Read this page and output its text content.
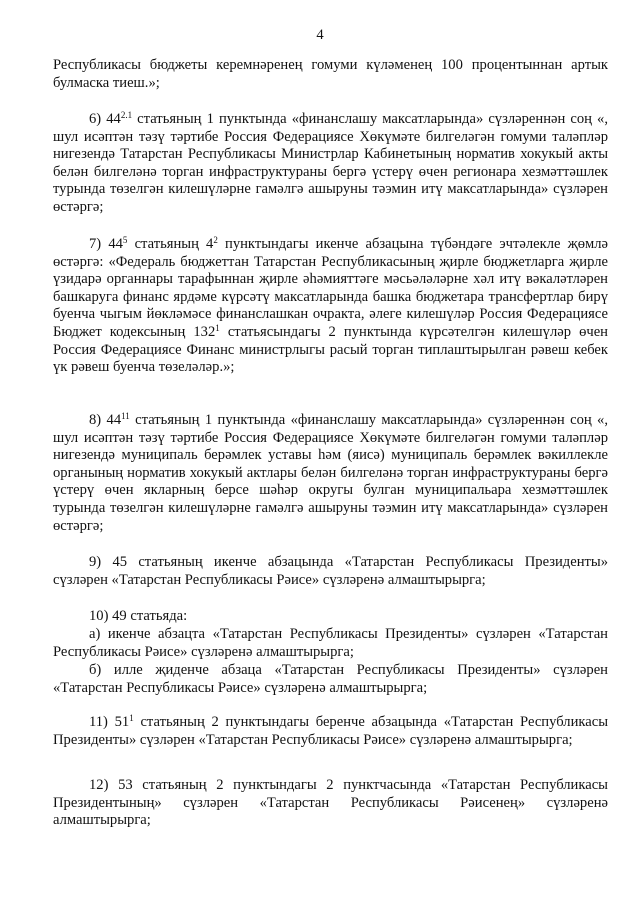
4
Республикасы бюджеты керемнәренең гомуми күләменең 100 процентыннан артык булмаска тиеш.»;
6) $44^{2.1}$ статьяның 1 пунктында «финанслашу максатларында» сүзләреннән соң «, шул исәптән тәзү тәртибе Россия Федерациясе Хөкүмәте билгеләгән гомуми таләпләр нигезендә Татарстан Республикасы Министрлар Кабинетының норматив хокукый акты белән билгеләнә торган инфраструктураны бергә үстерү өчен регионара хезмәттәшлек турында төзелгән килешүләрне гамәлгә ашыруны тәэмин итү максатларында» сүзләрен өстәргә;
7) $44^5$ статьяның $4^2$ пунктындагы икенче абзацына түбәндәге эчтәлекле җөмлә өстәргә: «Федераль бюджеттан Татарстан Республикасының җирле бюджетларга җирле үзидарә органнары тарафыннан җирле әһәмияттәге мәсьәләләрне хәл итү вәкаләтләрен башкаруга финанс ярдәме күрсәтү максатларында башка бюджетара трансфертлар бирү буенча чыгым йөкләмәсе финанслашкан очракта, әлеге килешүләр Россия Федерациясе Бюджет кодексының $132^1$ статьясындагы 2 пунктында күрсәтелгән килешүләр өчен Россия Федерациясе Финанс министрлыгы расый торган типлаштырылган рәвеш кебек үк рәвеш буенча төзеләләр.»;
8) $44^{11}$ статьяның 1 пунктында «финанслашу максатларында» сүзләреннән соң «, шул исәптән тәзү тәртибе Россия Федерациясе Хөкүмәте билгеләгән гомуми таләпләр нигезендә муниципаль берәмлек уставы һәм (яисә) муниципаль берәмлек вәкиллекле органының норматив хокукый актлары белән билгеләнә торган инфраструктураны бергә үстерү өчен якларның берсе шәһәр округы булган муниципальара хезмәттәшлек турында төзелгән килешүләрне гамәлгә ашыруны тәэмин итү максатларында» сүзләрен өстәргә;
9) 45 статьяның икенче абзацында «Татарстан Республикасы Президенты» сүзләрен «Татарстан Республикасы Рәисе» сүзләренә алмаштырырга;
10) 49 статьяда:
а) икенче абзацта «Татарстан Республикасы Президенты» сүзләрен «Татарстан Республикасы Рәисе» сүзләренә алмаштырырга;
б) илле җиденче абзаца «Татарстан Республикасы Президенты» сүзләрен «Татарстан Республикасы Рәисе» сүзләренә алмаштырырга;
11) $51^1$ статьяның 2 пунктындагы беренче абзацында «Татарстан Республикасы Президенты» сүзләрен «Татарстан Республикасы Рәисе» сүзләренә алмаштырырга;
12) 53 статьяның 2 пунктындагы 2 пунктчасында «Татарстан Республикасы Президентының» сүзләрен «Татарстан Республикасы Рәисенең» сүзләренә алмаштырырга;
